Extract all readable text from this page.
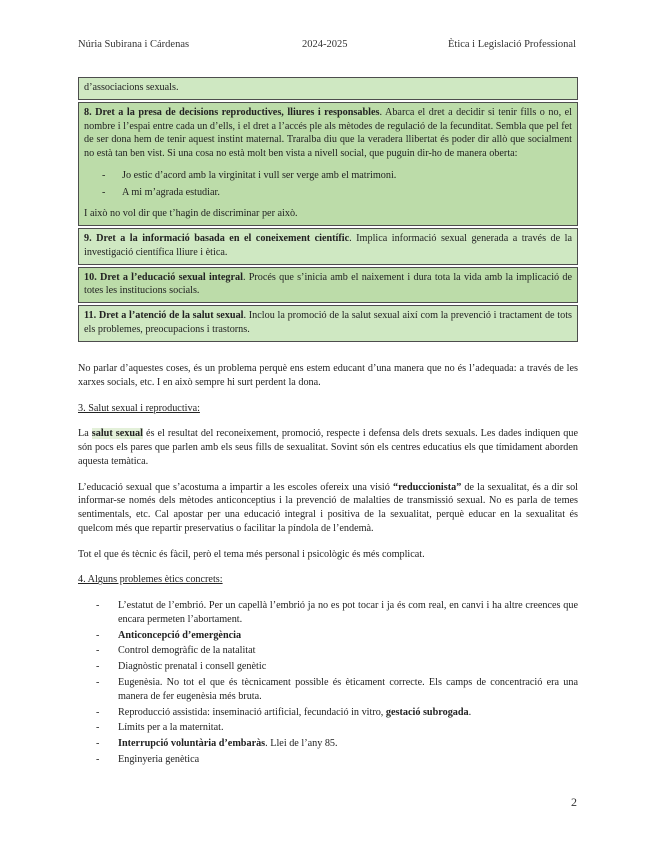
Núria Subirana i Cárdenas	2024-2025	Ètica i Legislació Professional

d’associacions sexuals.

8. Dret a la presa de decisions reproductives, lliures i responsables. Abarca el dret a decidir si tenir fills o no, el nombre i l’espai entre cada un d’ells, i el dret a l’accés ple als mètodes de regulació de la fecunditat. Sembla que pel fet de ser dona hem de tenir aquest instint maternal. Traralba diu que la veradera llibertat és poder dir allò que socialment no està tan ben vist. Si una cosa no està molt ben vista a nivell social, que puguin dir-ho de manera oberta:

- Jo estic d’acord amb la virginitat i vull ser verge amb el matrimoni.
- A mi m’agrada estudiar.

I això no vol dir que t’hagin de discriminar per això.

9. Dret a la informació basada en el coneixement científic. Implica informació sexual generada a través de la investigació científica lliure i ètica.

10. Dret a l’educació sexual integral. Procés que s’inicia amb el naixement i dura tota la vida amb la implicació de totes les institucions socials.

11. Dret a l’atenció de la salut sexual. Inclou la promoció de la salut sexual així com la prevenció i tractament de tots els problemes, preocupacions i trastorns.

No parlar d’aquestes coses, és un problema perquè ens estem educant d’una manera que no és l’adequada: a través de les xarxes socials, etc. I en això sempre hi surt perdent la dona.

3. Salut sexual i reproductiva:

La salut sexual és el resultat del reconeixement, promoció, respecte i defensa dels drets sexuals. Les dades indiquen que són pocs els pares que parlen amb els seus fills de sexualitat. Sovint són els centres educatius els que tímidament aborden aquesta temàtica.

L’educació sexual que s’acostuma a impartir a les escoles ofereix una visió “reduccionista” de la sexualitat, és a dir sol informar-se només dels mètodes anticonceptius i la prevenció de malalties de transmissió sexual. No es parla de temes sentimentals, etc. Cal apostar per una educació integral i positiva de la sexualitat, perquè educar en la sexualitat és quelcom més que repartir preservatius o facilitar la píndola de l’endemà.

Tot el que és tècnic és fàcil, però el tema més personal i psicològic és més complicat.

4. Alguns problemes ètics concrets:

- L’estatut de l’embrió. Per un capellà l’embrió ja no es pot tocar i ja és com real, en canvi i ha altre creences que encara permeten l’abortament.
- Anticoncepció d’emergència
- Control demogràfic de la natalitat
- Diagnòstic prenatal i consell genètic
- Eugenèsia. No tot el que és tècnicament possible és èticament correcte. Els camps de concentració era una manera de fer eugenèsia més bruta.
- Reproducció assistida: inseminació artificial, fecundació in vitro, gestació subrogada.
- Límits per a la maternitat.
- Interrupció voluntària d’embaràs. Llei de l’any 85.
- Enginyeria genètica
2
